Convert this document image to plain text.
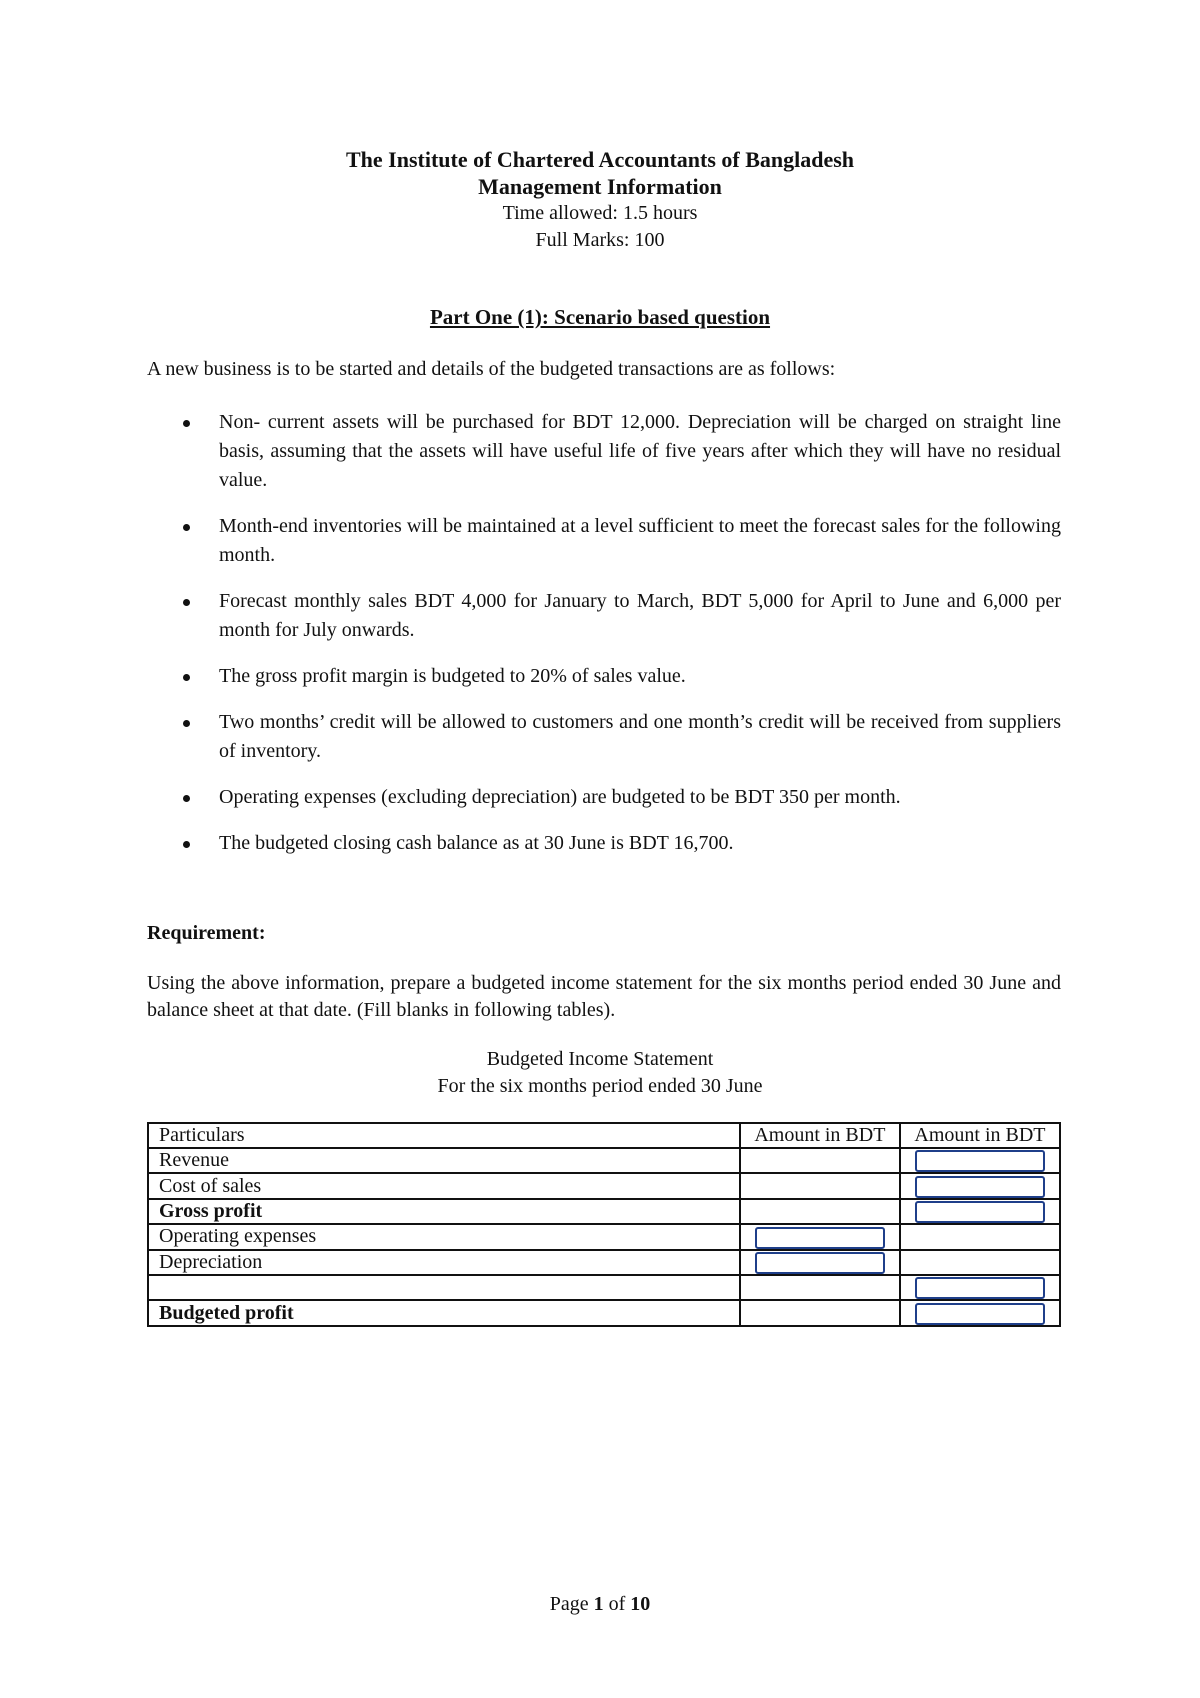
The Institute of Chartered Accountants of Bangladesh
Management Information
Time allowed: 1.5 hours
Full Marks: 100
Part One (1): Scenario based question
A new business is to be started and details of the budgeted transactions are as follows:
Non- current assets will be purchased for BDT 12,000. Depreciation will be charged on straight line basis, assuming that the assets will have useful life of five years after which they will have no residual value.
Month-end inventories will be maintained at a level sufficient to meet the forecast sales for the following month.
Forecast monthly sales BDT 4,000 for January to March, BDT 5,000 for April to June and 6,000 per month for July onwards.
The gross profit margin is budgeted to 20% of sales value.
Two months’ credit will be allowed to customers and one month’s credit will be received from suppliers of inventory.
Operating expenses (excluding depreciation) are budgeted to be BDT 350 per month.
The budgeted closing cash balance as at 30 June is BDT 16,700.
Requirement:
Using the above information, prepare a budgeted income statement for the six months period ended 30 June and balance sheet at that date. (Fill blanks in following tables).
Budgeted Income Statement
For the six months period ended 30 June
Particulars	Amount in BDT	Amount in BDT
Revenue		
Cost of sales		
Gross profit		
Operating expenses		
Depreciation		

Budgeted profit		
Page 1 of 10
